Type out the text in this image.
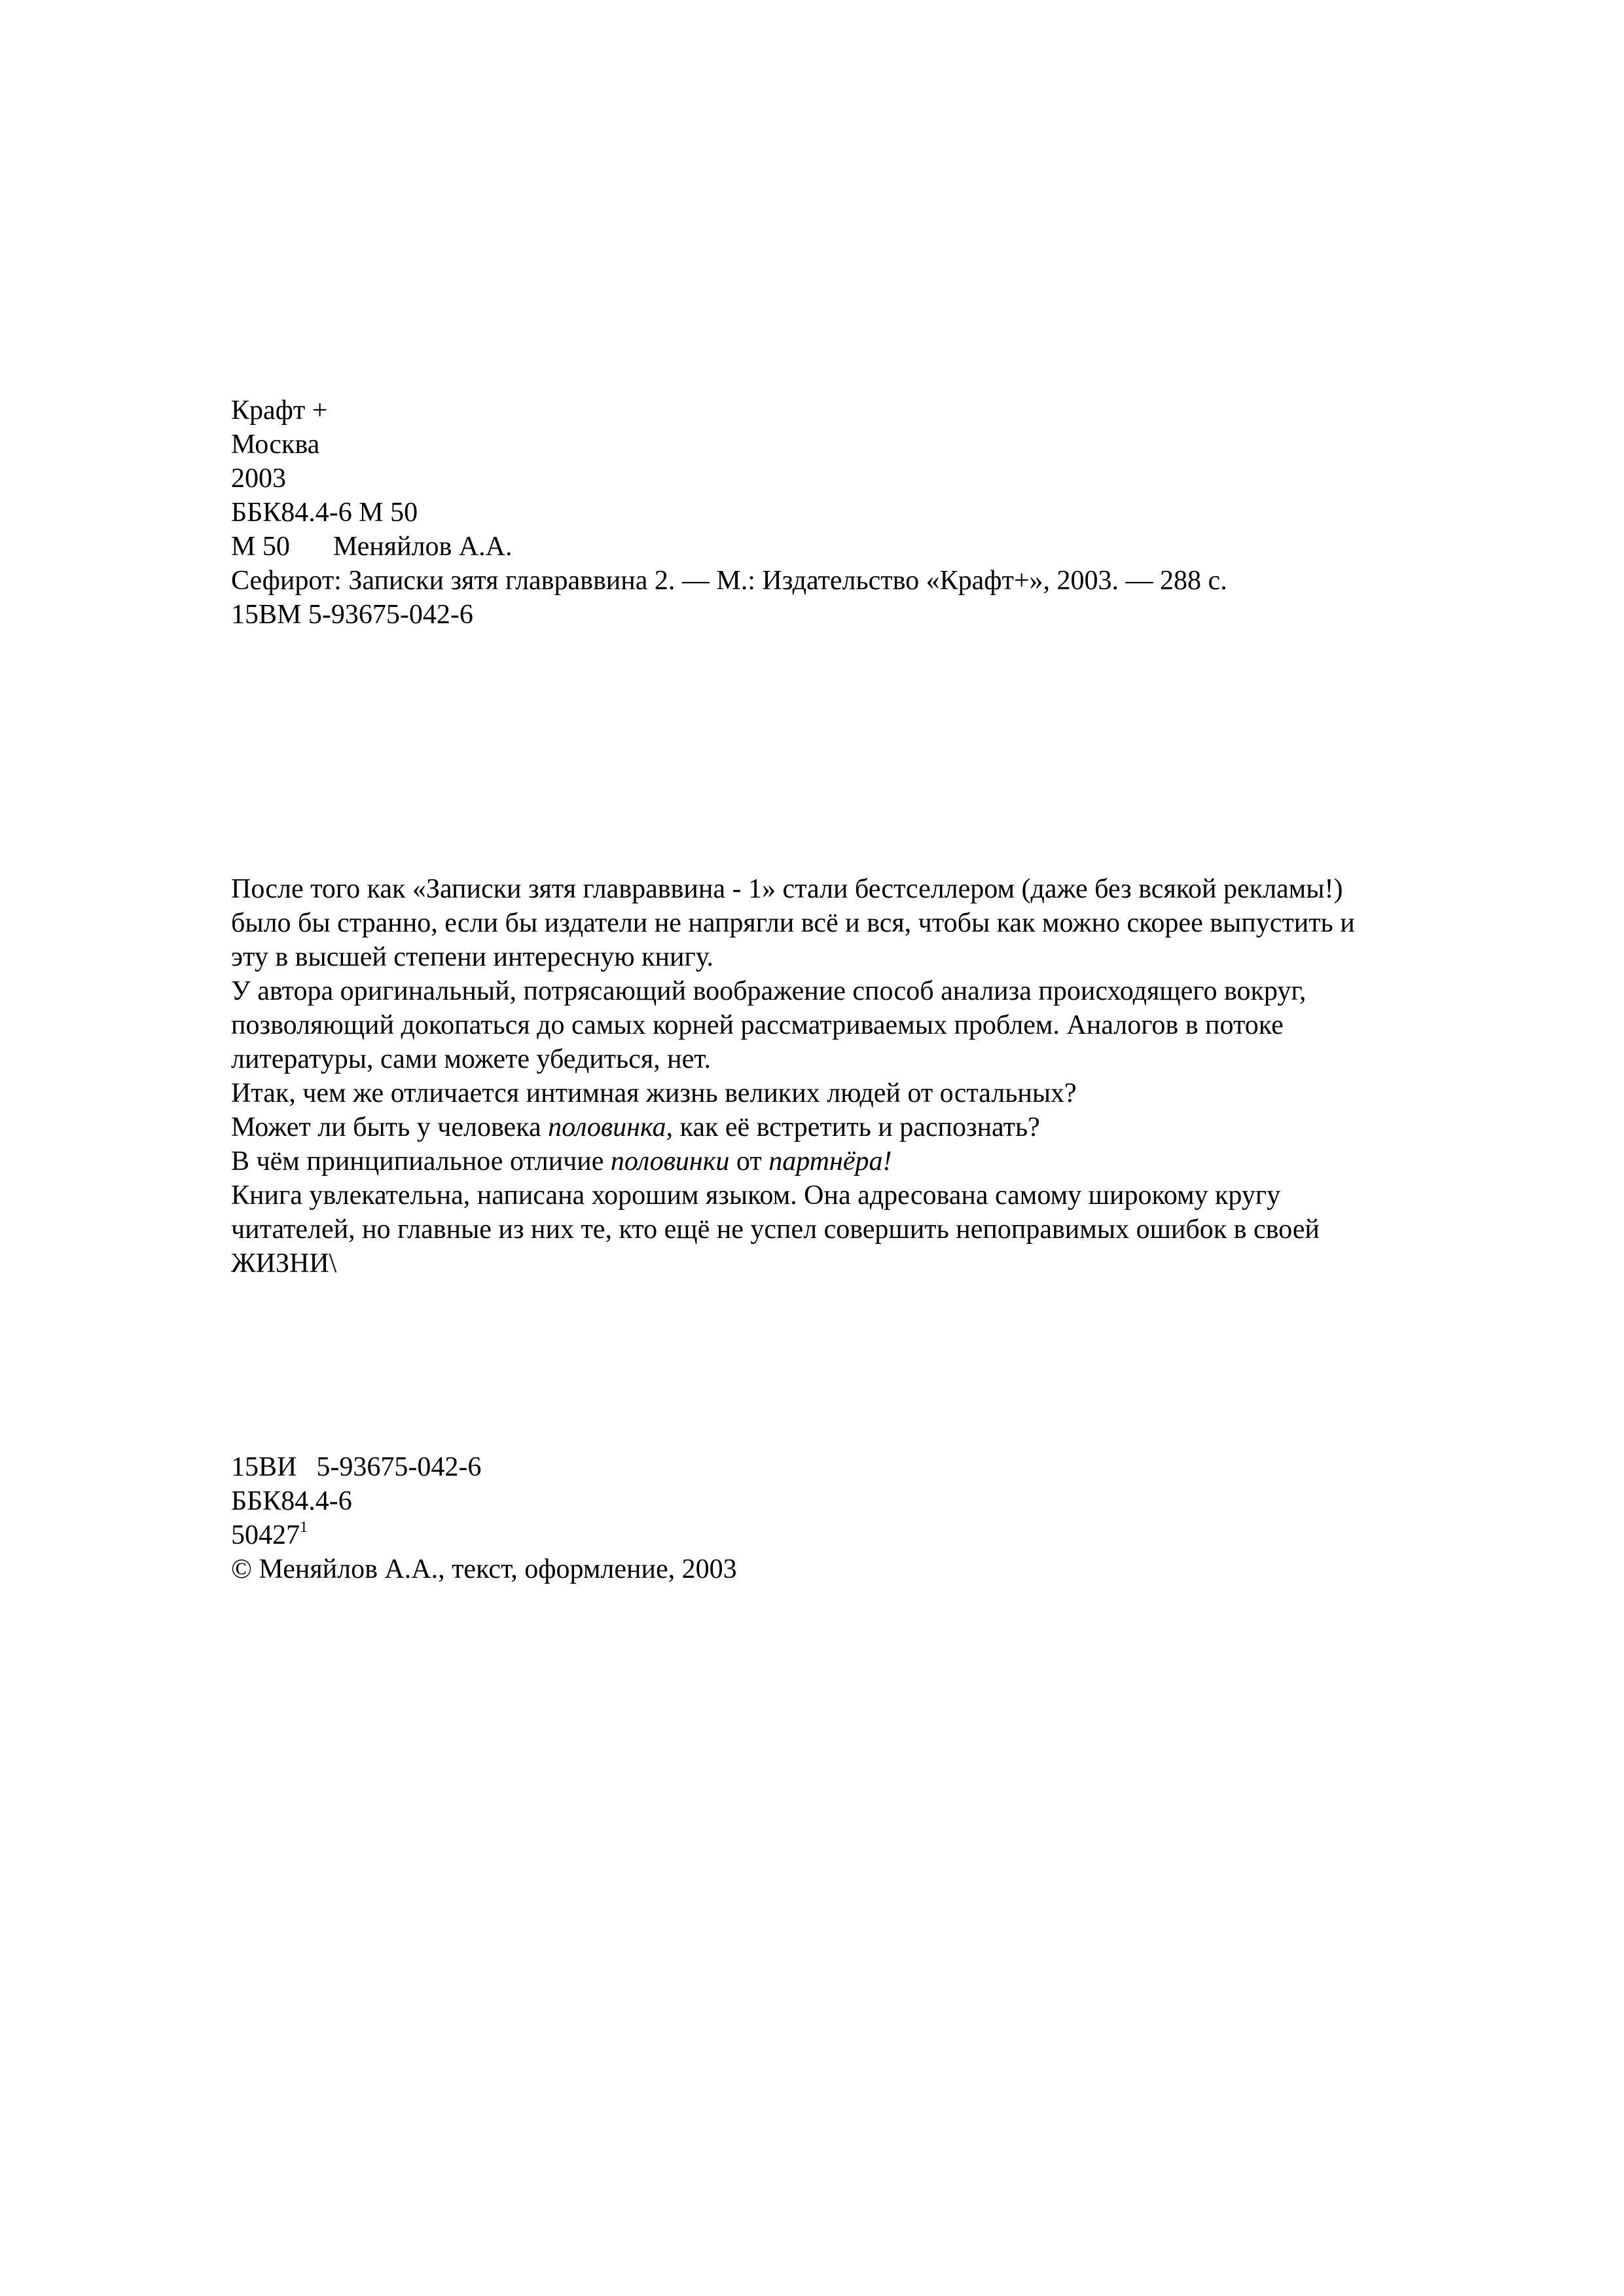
Крафт +
Москва
2003
ББК84.4-6 М 50
М 50 Меняйлов А.А.
Сефирот: Записки зятя главраввина 2. — М.: Издательство «Крафт+», 2003. — 288 с.
15ВМ 5-93675-042-6
После того как «Записки зятя главраввина - 1» стали бестселлером (даже без всякой рекламы!)
было бы странно, если бы издатели не напрягли всё и вся, чтобы как можно скорее выпустить и
эту в высшей степени интересную книгу.
У автора оригинальный, потрясающий воображение способ анализа происходящего вокруг,
позволяющий докопаться до самых корней рассматриваемых проблем. Аналогов в потоке
литературы, сами можете убедиться, нет.
Итак, чем же отличается интимная жизнь великих людей от остальных?
Может ли быть у человека половинка, как её встретить и распознать?
В чём принципиальное отличие половинки от партнёра!
Книга увлекательна, написана хорошим языком. Она адресована самому широкому кругу
читателей, но главные из них те, кто ещё не успел совершить непоправимых ошибок в своей
ЖИЗНИ\
15ВИ 5-93675-042-6
ББК84.4-6
50427$^1$
© Меняйлов А.А., текст, оформление, 2003
